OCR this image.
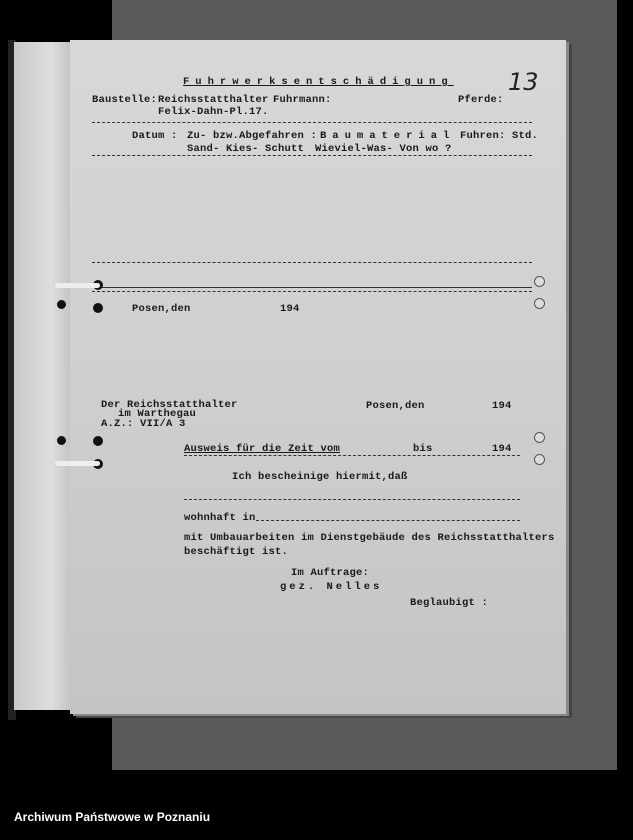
Fuhrwerksentschädigung 13
Baustelle: Reichsstatthalter
Felix-Dahn-Pl.17.
Fuhrmann:	Pferde:
Datum : Zu- bzw.Abgefahren : Baumaterial Fuhren: Std.
Sand- Kies- Schutt Wieviel-Was- Von wo ?
Posen,den	194
Der Reichsstatthalter
im Warthegau
A.Z.: VII/A 3
Posen,den	194
Ausweis für die Zeit vom	bis	194
Ich bescheinige hiermit,daß
wohnhaft in
mit Umbauarbeiten im Dienstgebäude des Reichsstatthalters
beschäftigt ist.
Im Auftrage:
gez. Nelles
Beglaubigt :
Archiwum Państwowe w Poznaniu
